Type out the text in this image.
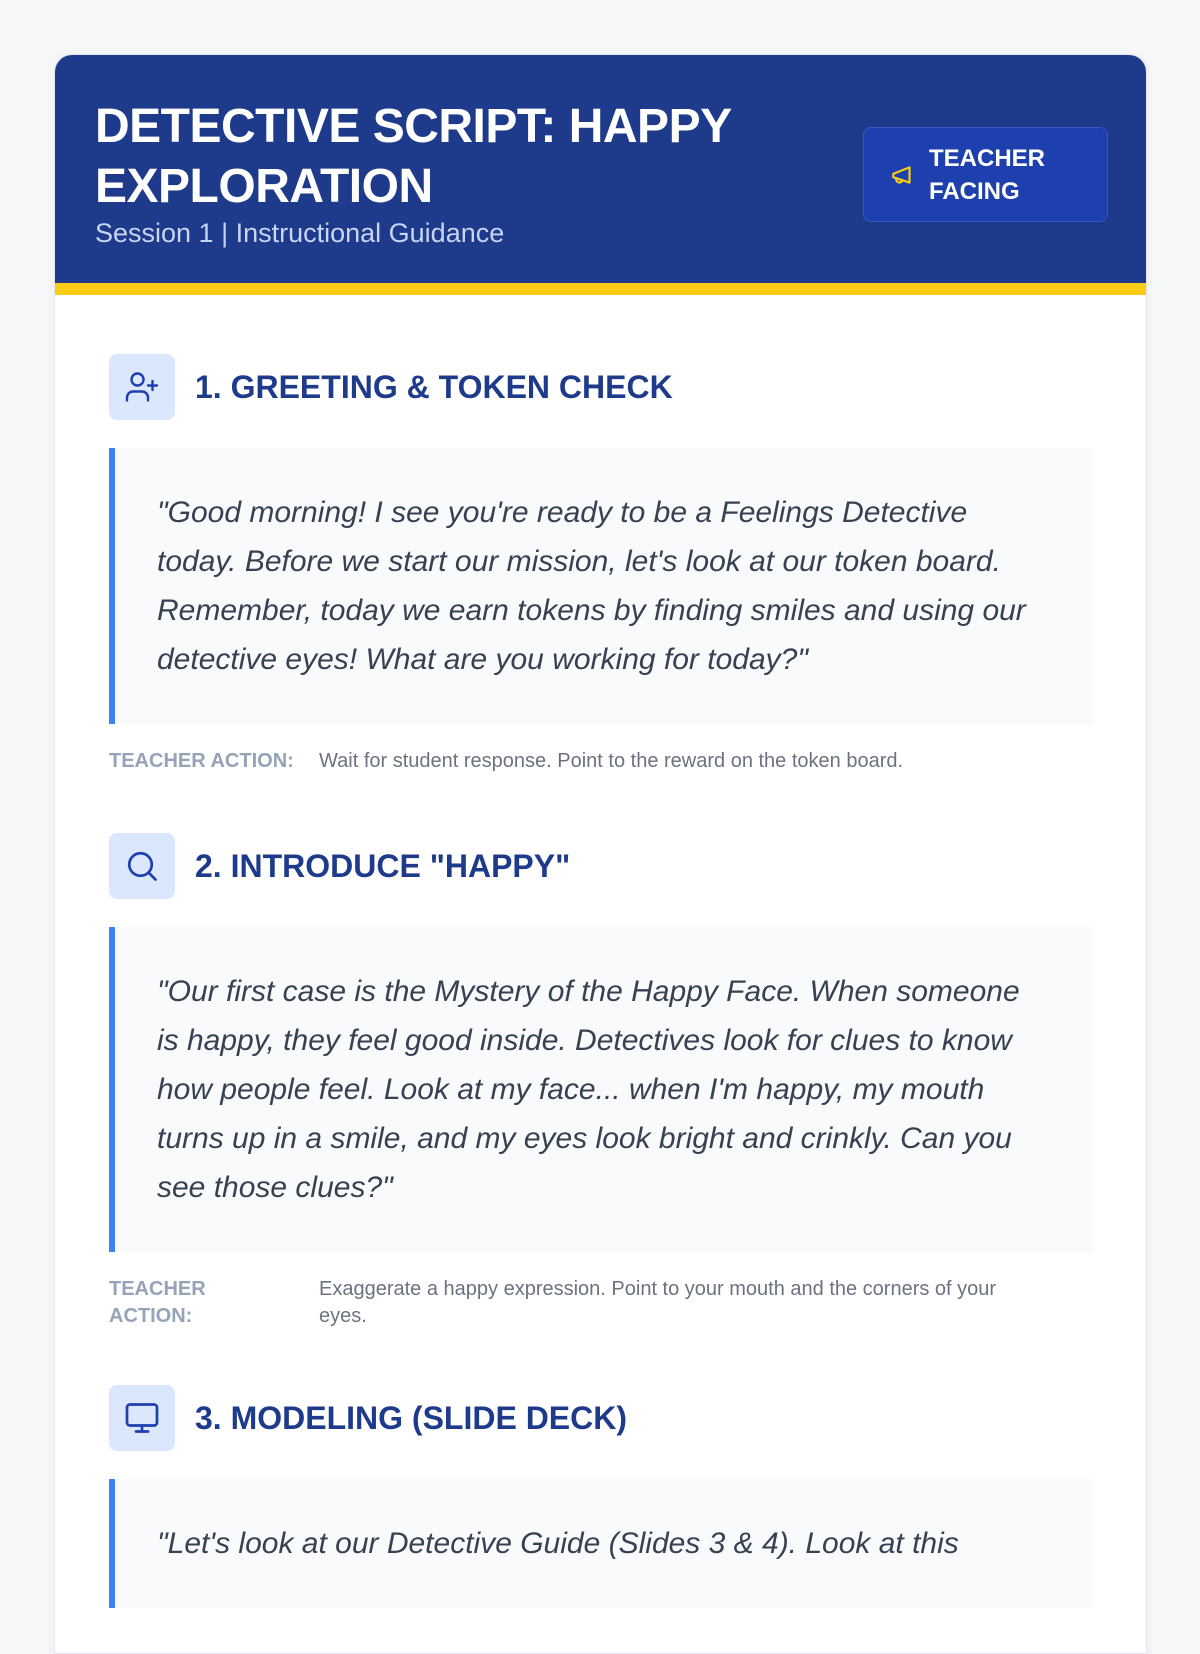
DETECTIVE SCRIPT: HAPPY EXPLORATION
Session 1 | Instructional Guidance
TEACHER FACING
1. GREETING & TOKEN CHECK
"Good morning! I see you're ready to be a Feelings Detective today. Before we start our mission, let's look at our token board. Remember, today we earn tokens by finding smiles and using our detective eyes! What are you working for today?"
TEACHER ACTION:	Wait for student response. Point to the reward on the token board.
2. INTRODUCE "HAPPY"
"Our first case is the Mystery of the Happy Face. When someone is happy, they feel good inside. Detectives look for clues to know how people feel. Look at my face... when I'm happy, my mouth turns up in a smile, and my eyes look bright and crinkly. Can you see those clues?"
TEACHER ACTION:
Exaggerate a happy expression. Point to your mouth and the corners of your eyes.
3. MODELING (SLIDE DECK)
"Let's look at our Detective Guide (Slides 3 & 4). Look at this
